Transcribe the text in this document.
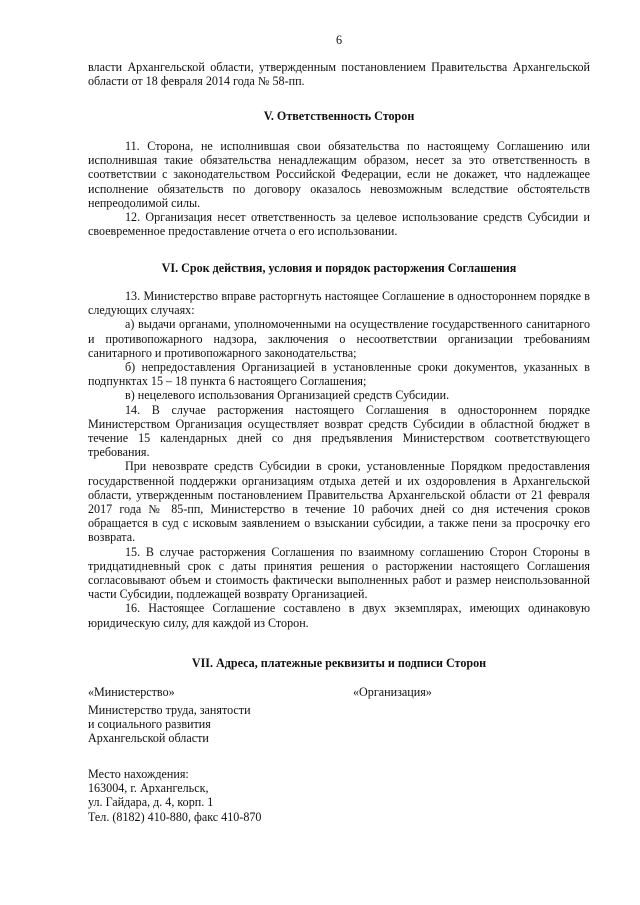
6

власти Архангельской области, утвержденным постановлением Правительства Архангельской области от 18 февраля 2014 года № 58-пп.

V. Ответственность Сторон

11. Сторона, не исполнившая свои обязательства по настоящему Соглашению или исполнившая такие обязательства ненадлежащим образом, несет за это ответственность в соответствии с законодательством Российской Федерации, если не докажет, что надлежащее исполнение обязательств по договору оказалось невозможным вследствие обстоятельств непреодолимой силы.

12. Организация несет ответственность за целевое использование средств Субсидии и своевременное предоставление отчета о его использовании.

VI. Срок действия, условия и порядок расторжения Соглашения

13. Министерство вправе расторгнуть настоящее Соглашение в одностороннем порядке в следующих случаях:

а) выдачи органами, уполномоченными на осуществление государственного санитарного и противопожарного надзора, заключения о несоответствии организации требованиям санитарного и противопожарного законодательства;

б) непредоставления Организацией в установленные сроки документов, указанных в подпунктах 15 – 18 пункта 6 настоящего Соглашения;

в) нецелевого использования Организацией средств Субсидии.

14. В случае расторжения настоящего Соглашения в одностороннем порядке Министерством Организация осуществляет возврат средств Субсидии в областной бюджет в течение 15 календарных дней со дня предъявления Министерством соответствующего требования.

При невозврате средств Субсидии в сроки, установленные Порядком предоставления государственной поддержки организациям отдыха детей и их оздоровления в Архангельской области, утвержденным постановлением Правительства Архангельской области от 21 февраля 2017 года № 85-пп, Министерство в течение 10 рабочих дней со дня истечения сроков обращается в суд с исковым заявлением о взыскании субсидии, а также пени за просрочку его возврата.

15. В случае расторжения Соглашения по взаимному соглашению Сторон Стороны в тридцатидневный срок с даты принятия решения о расторжении настоящего Соглашения согласовывают объем и стоимость фактически выполненных работ и размер неиспользованной части Субсидии, подлежащей возврату Организацией.

16. Настоящее Соглашение составлено в двух экземплярах, имеющих одинаковую юридическую силу, для каждой из Сторон.

VII. Адреса, платежные реквизиты и подписи Сторон
«Министерство»	«Организация»
Министерство труда, занятости
и социального развития
Архангельской области
Место нахождения:
163004, г. Архангельск,
ул. Гайдара, д. 4, корп. 1
Тел. (8182) 410-880, факс 410-870
